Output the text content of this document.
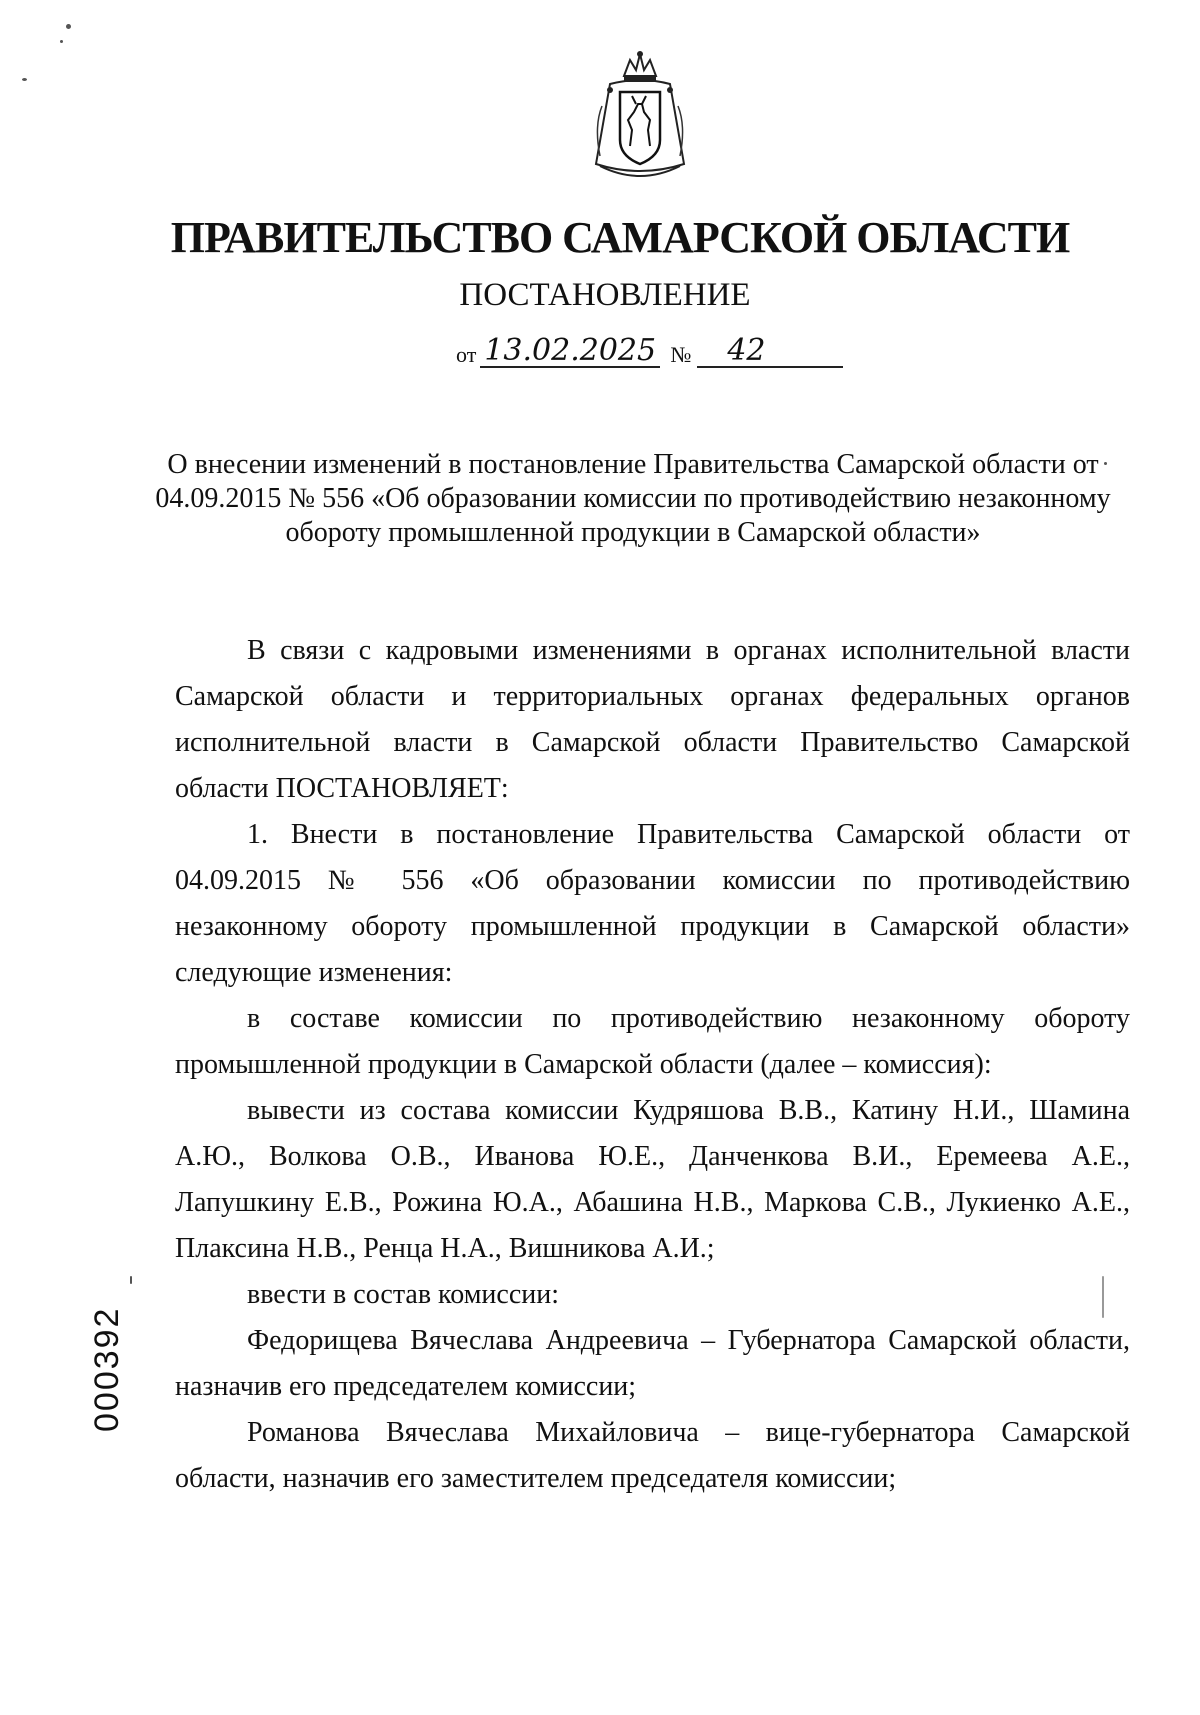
ПРАВИТЕЛЬСТВО САМАРСКОЙ ОБЛАСТИ
ПОСТАНОВЛЕНИЕ
от 13.02.2025 №	42
О внесении изменений в постановление Правительства Самарской области от 04.09.2015 № 556 «Об образовании комиссии по противодействию незаконному обороту промышленной продукции в Самарской области»

В связи с кадровыми изменениями в органах исполнительной власти Самарской области и территориальных органах федеральных органов исполнительной власти в Самарской области Правительство Самарской области ПОСТАНОВЛЯЕТ:

1. Внести в постановление Правительства Самарской области от 04.09.2015 № 556 «Об образовании комиссии по противодействию незаконному обороту промышленной продукции в Самарской области» следующие изменения:

в составе комиссии по противодействию незаконному обороту промышленной продукции в Самарской области (далее – комиссия):

вывести из состава комиссии Кудряшова В.В., Катину Н.И., Шамина А.Ю., Волкова О.В., Иванова Ю.Е., Данченкова В.И., Еремеева А.Е., Лапушкину Е.В., Рожина Ю.А., Абашина Н.В., Маркова С.В., Лукиенко А.Е., Плаксина Н.В., Ренца Н.А., Вишникова А.И.;

ввести в состав комиссии:

Федорищева Вячеслава Андреевича – Губернатора Самарской области, назначив его председателем комиссии;

Романова Вячеслава Михайловича – вице-губернатора Самарской области, назначив его заместителем председателя комиссии;

000392
